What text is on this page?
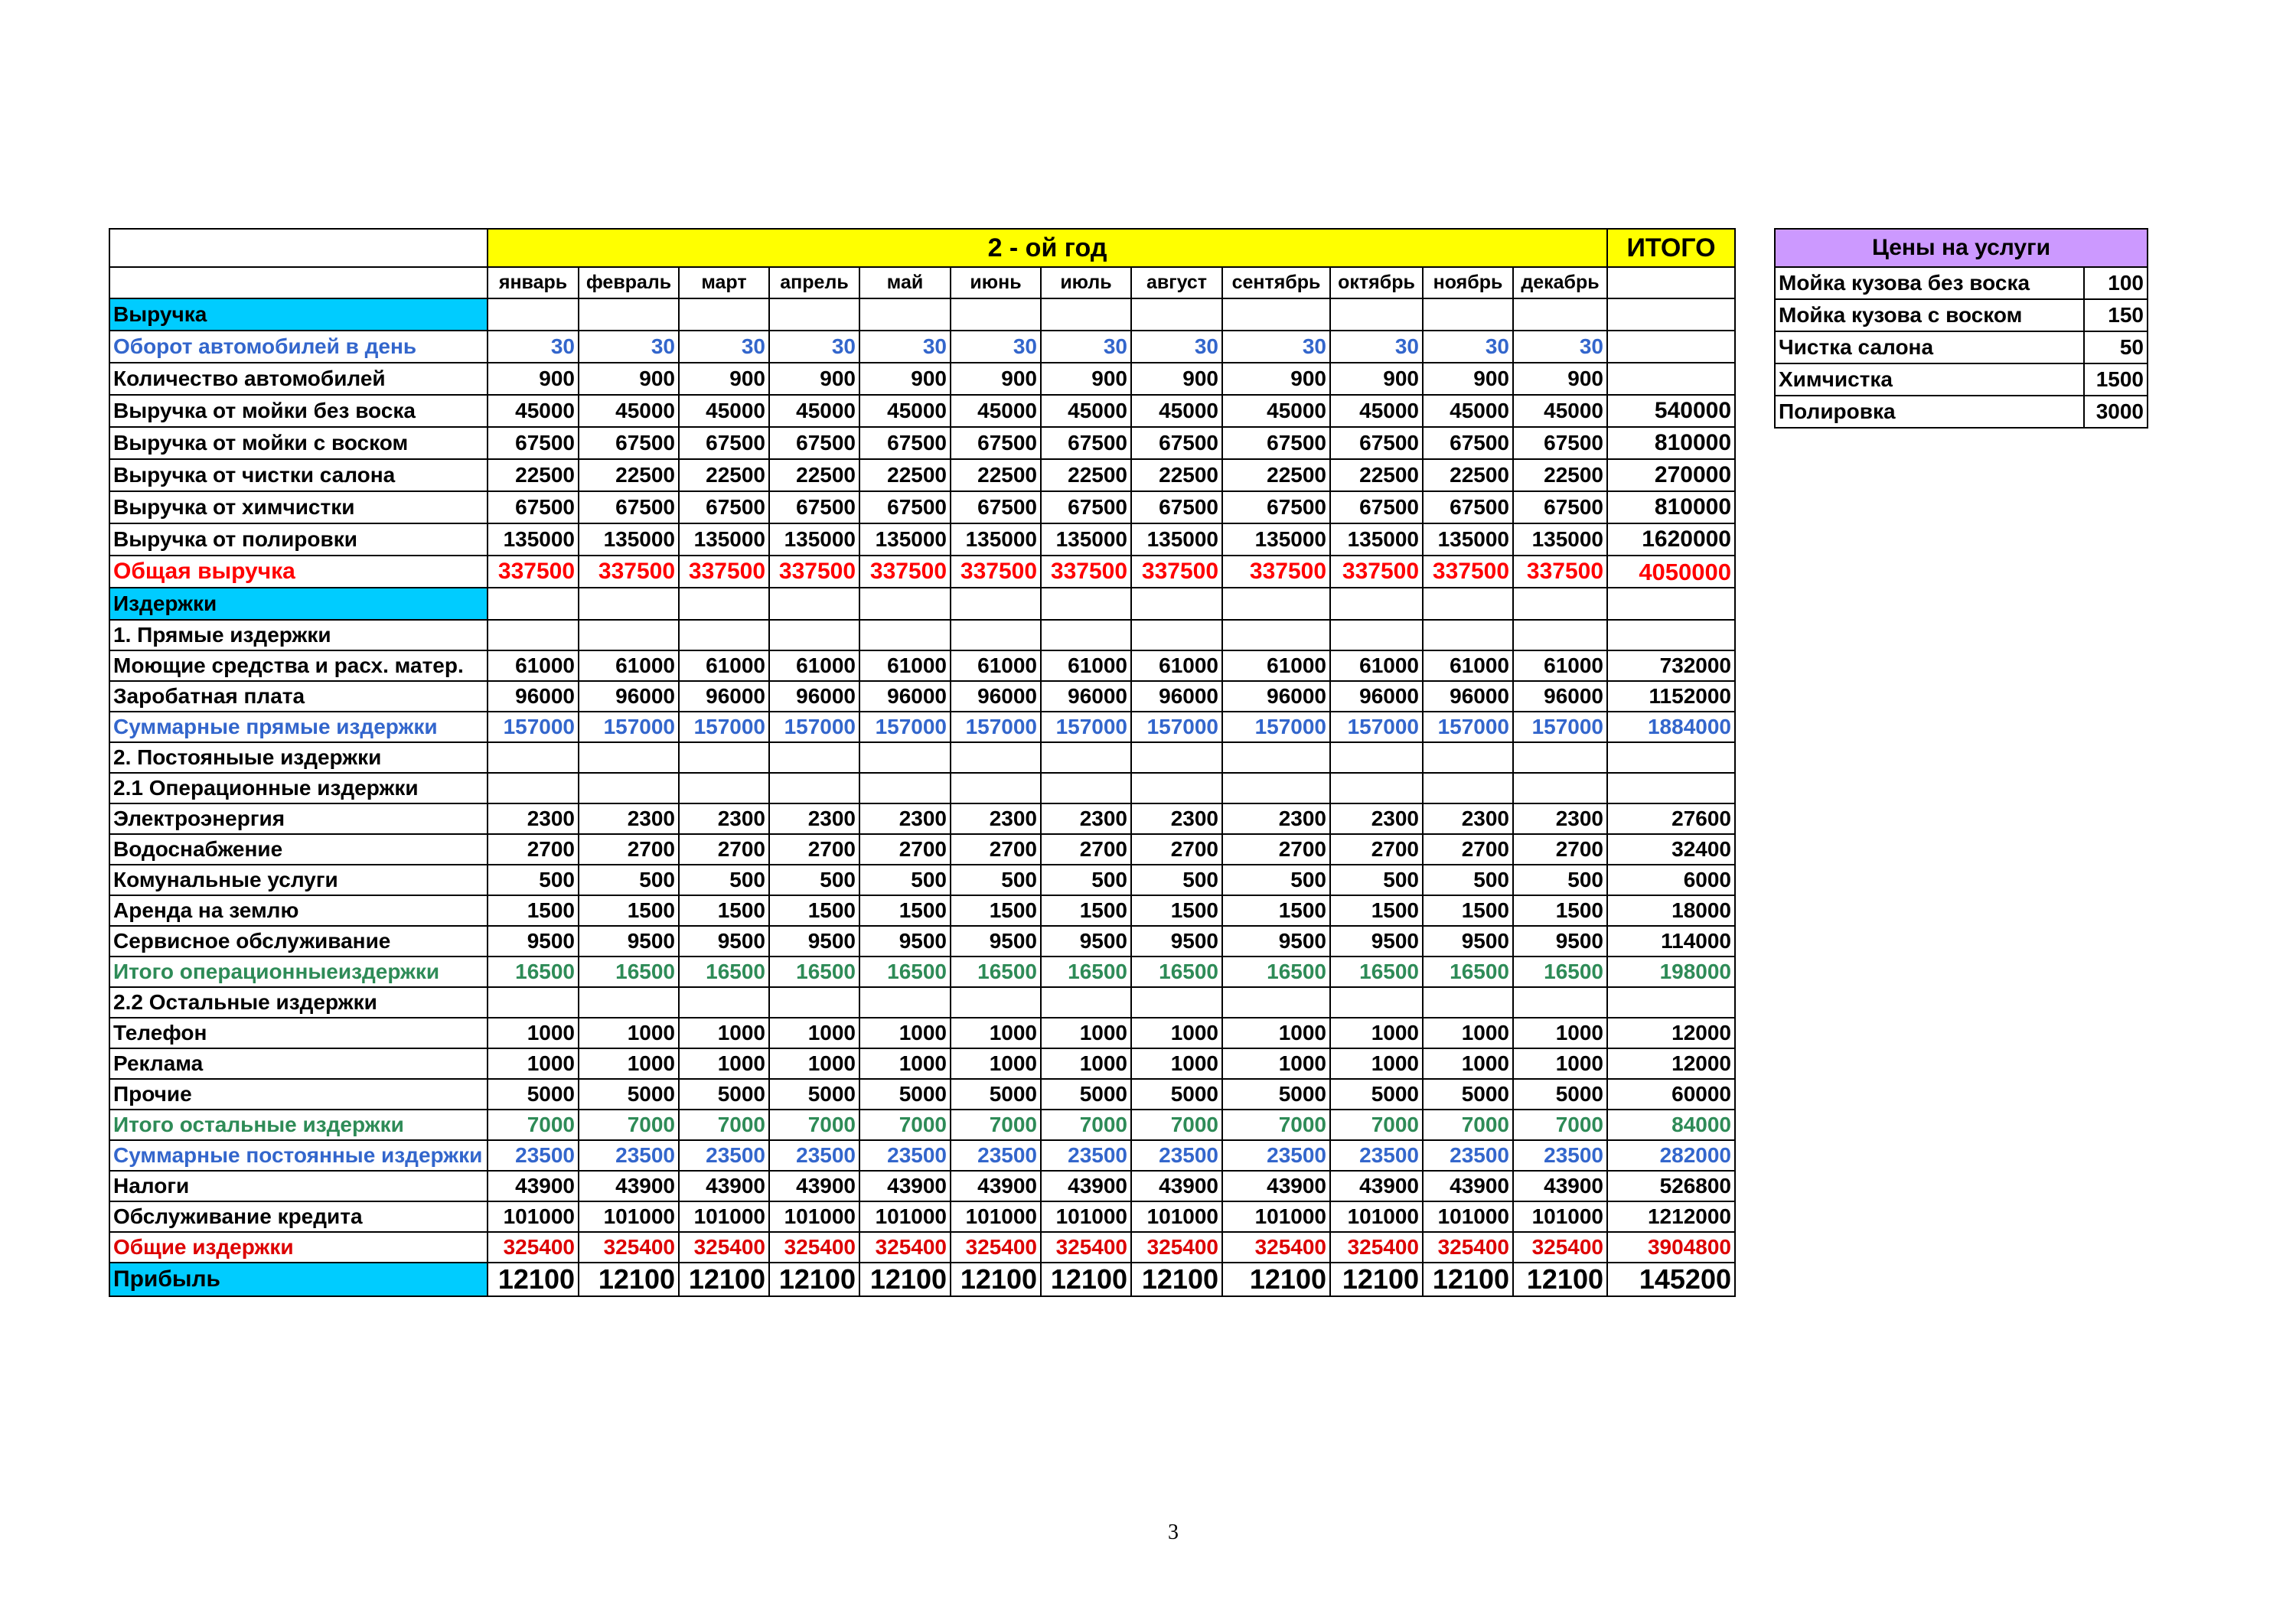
	2 - ой год												ИТОГО
	январь	февраль	март	апрель	май	июнь	июль	август	сентябрь	октябрь	ноябрь	декабрь	
Выручка													
Оборот автомобилей в день	30	30	30	30	30	30	30	30	30	30	30	30	
Количество автомобилей	900	900	900	900	900	900	900	900	900	900	900	900	
Выручка от мойки без воска	45000	45000	45000	45000	45000	45000	45000	45000	45000	45000	45000	45000	540000
Выручка от мойки с воском	67500	67500	67500	67500	67500	67500	67500	67500	67500	67500	67500	67500	810000
Выручка от чистки салона	22500	22500	22500	22500	22500	22500	22500	22500	22500	22500	22500	22500	270000
Выручка от химчистки	67500	67500	67500	67500	67500	67500	67500	67500	67500	67500	67500	67500	810000
Выручка от полировки	135000	135000	135000	135000	135000	135000	135000	135000	135000	135000	135000	135000	1620000
Общая выручка	337500	337500	337500	337500	337500	337500	337500	337500	337500	337500	337500	337500	4050000
Издержки													
1. Прямые издержки													
Моющие средства и расх. матер.	61000	61000	61000	61000	61000	61000	61000	61000	61000	61000	61000	61000	732000
Заробатная плата	96000	96000	96000	96000	96000	96000	96000	96000	96000	96000	96000	96000	1152000
Суммарные прямые издержки	157000	157000	157000	157000	157000	157000	157000	157000	157000	157000	157000	157000	1884000
2. Постояныые издержки													
2.1 Операционные издержки													
Электроэнергия	2300	2300	2300	2300	2300	2300	2300	2300	2300	2300	2300	2300	27600
Водоснабжение	2700	2700	2700	2700	2700	2700	2700	2700	2700	2700	2700	2700	32400
Комунальные услуги	500	500	500	500	500	500	500	500	500	500	500	500	6000
Аренда на землю	1500	1500	1500	1500	1500	1500	1500	1500	1500	1500	1500	1500	18000
Сервисное обслуживание	9500	9500	9500	9500	9500	9500	9500	9500	9500	9500	9500	9500	114000
Итого операционныеиздержки	16500	16500	16500	16500	16500	16500	16500	16500	16500	16500	16500	16500	198000
2.2 Остальные издержки													
Телефон	1000	1000	1000	1000	1000	1000	1000	1000	1000	1000	1000	1000	12000
Реклама	1000	1000	1000	1000	1000	1000	1000	1000	1000	1000	1000	1000	12000
Прочие	5000	5000	5000	5000	5000	5000	5000	5000	5000	5000	5000	5000	60000
Итого остальные издержки	7000	7000	7000	7000	7000	7000	7000	7000	7000	7000	7000	7000	84000
Суммарные постоянные издержки	23500	23500	23500	23500	23500	23500	23500	23500	23500	23500	23500	23500	282000
Налоги	43900	43900	43900	43900	43900	43900	43900	43900	43900	43900	43900	43900	526800
Обслуживание кредита	101000	101000	101000	101000	101000	101000	101000	101000	101000	101000	101000	101000	1212000
Общие издержки	325400	325400	325400	325400	325400	325400	325400	325400	325400	325400	325400	325400	3904800
Прибыль	12100	12100	12100	12100	12100	12100	12100	12100	12100	12100	12100	12100	145200
Цены на услуги	
Мойка кузова без воска	100
Мойка кузова с воском	150
Чистка салона	50
Химчистка	1500
Полировка	3000
3
